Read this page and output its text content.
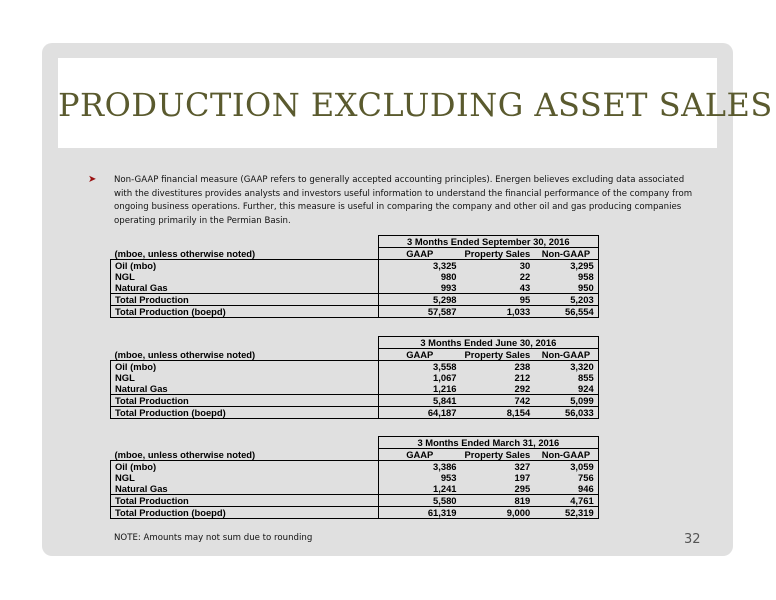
PRODUCTION EXCLUDING ASSET SALES
➤ Non-GAAP financial measure (GAAP refers to generally accepted accounting principles). Energen believes excluding data associated with the divestitures provides analysts and investors useful information to understand the financial performance of the company from ongoing business operations. Further, this measure is useful in comparing the company and other oil and gas producing companies operating primarily in the Permian Basin.
	3 Months Ended September 30, 2016		
(mboe, unless otherwise noted)	GAAP	Property Sales	Non-GAAP
Oil (mbo)	3,325	30	3,295
NGL	980	22	958
Natural Gas	993	43	950
Total Production	5,298	95	5,203
Total Production (boepd)	57,587	1,033	56,554
	3 Months Ended June 30, 2016		
(mboe, unless otherwise noted)	GAAP	Property Sales	Non-GAAP
Oil (mbo)	3,558	238	3,320
NGL	1,067	212	855
Natural Gas	1,216	292	924
Total Production	5,841	742	5,099
Total Production (boepd)	64,187	8,154	56,033
	3 Months Ended March 31, 2016		
(mboe, unless otherwise noted)	GAAP	Property Sales	Non-GAAP
Oil (mbo)	3,386	327	3,059
NGL	953	197	756
Natural Gas	1,241	295	946
Total Production	5,580	819	4,761
Total Production (boepd)	61,319	9,000	52,319
NOTE: Amounts may not sum due to rounding	32
